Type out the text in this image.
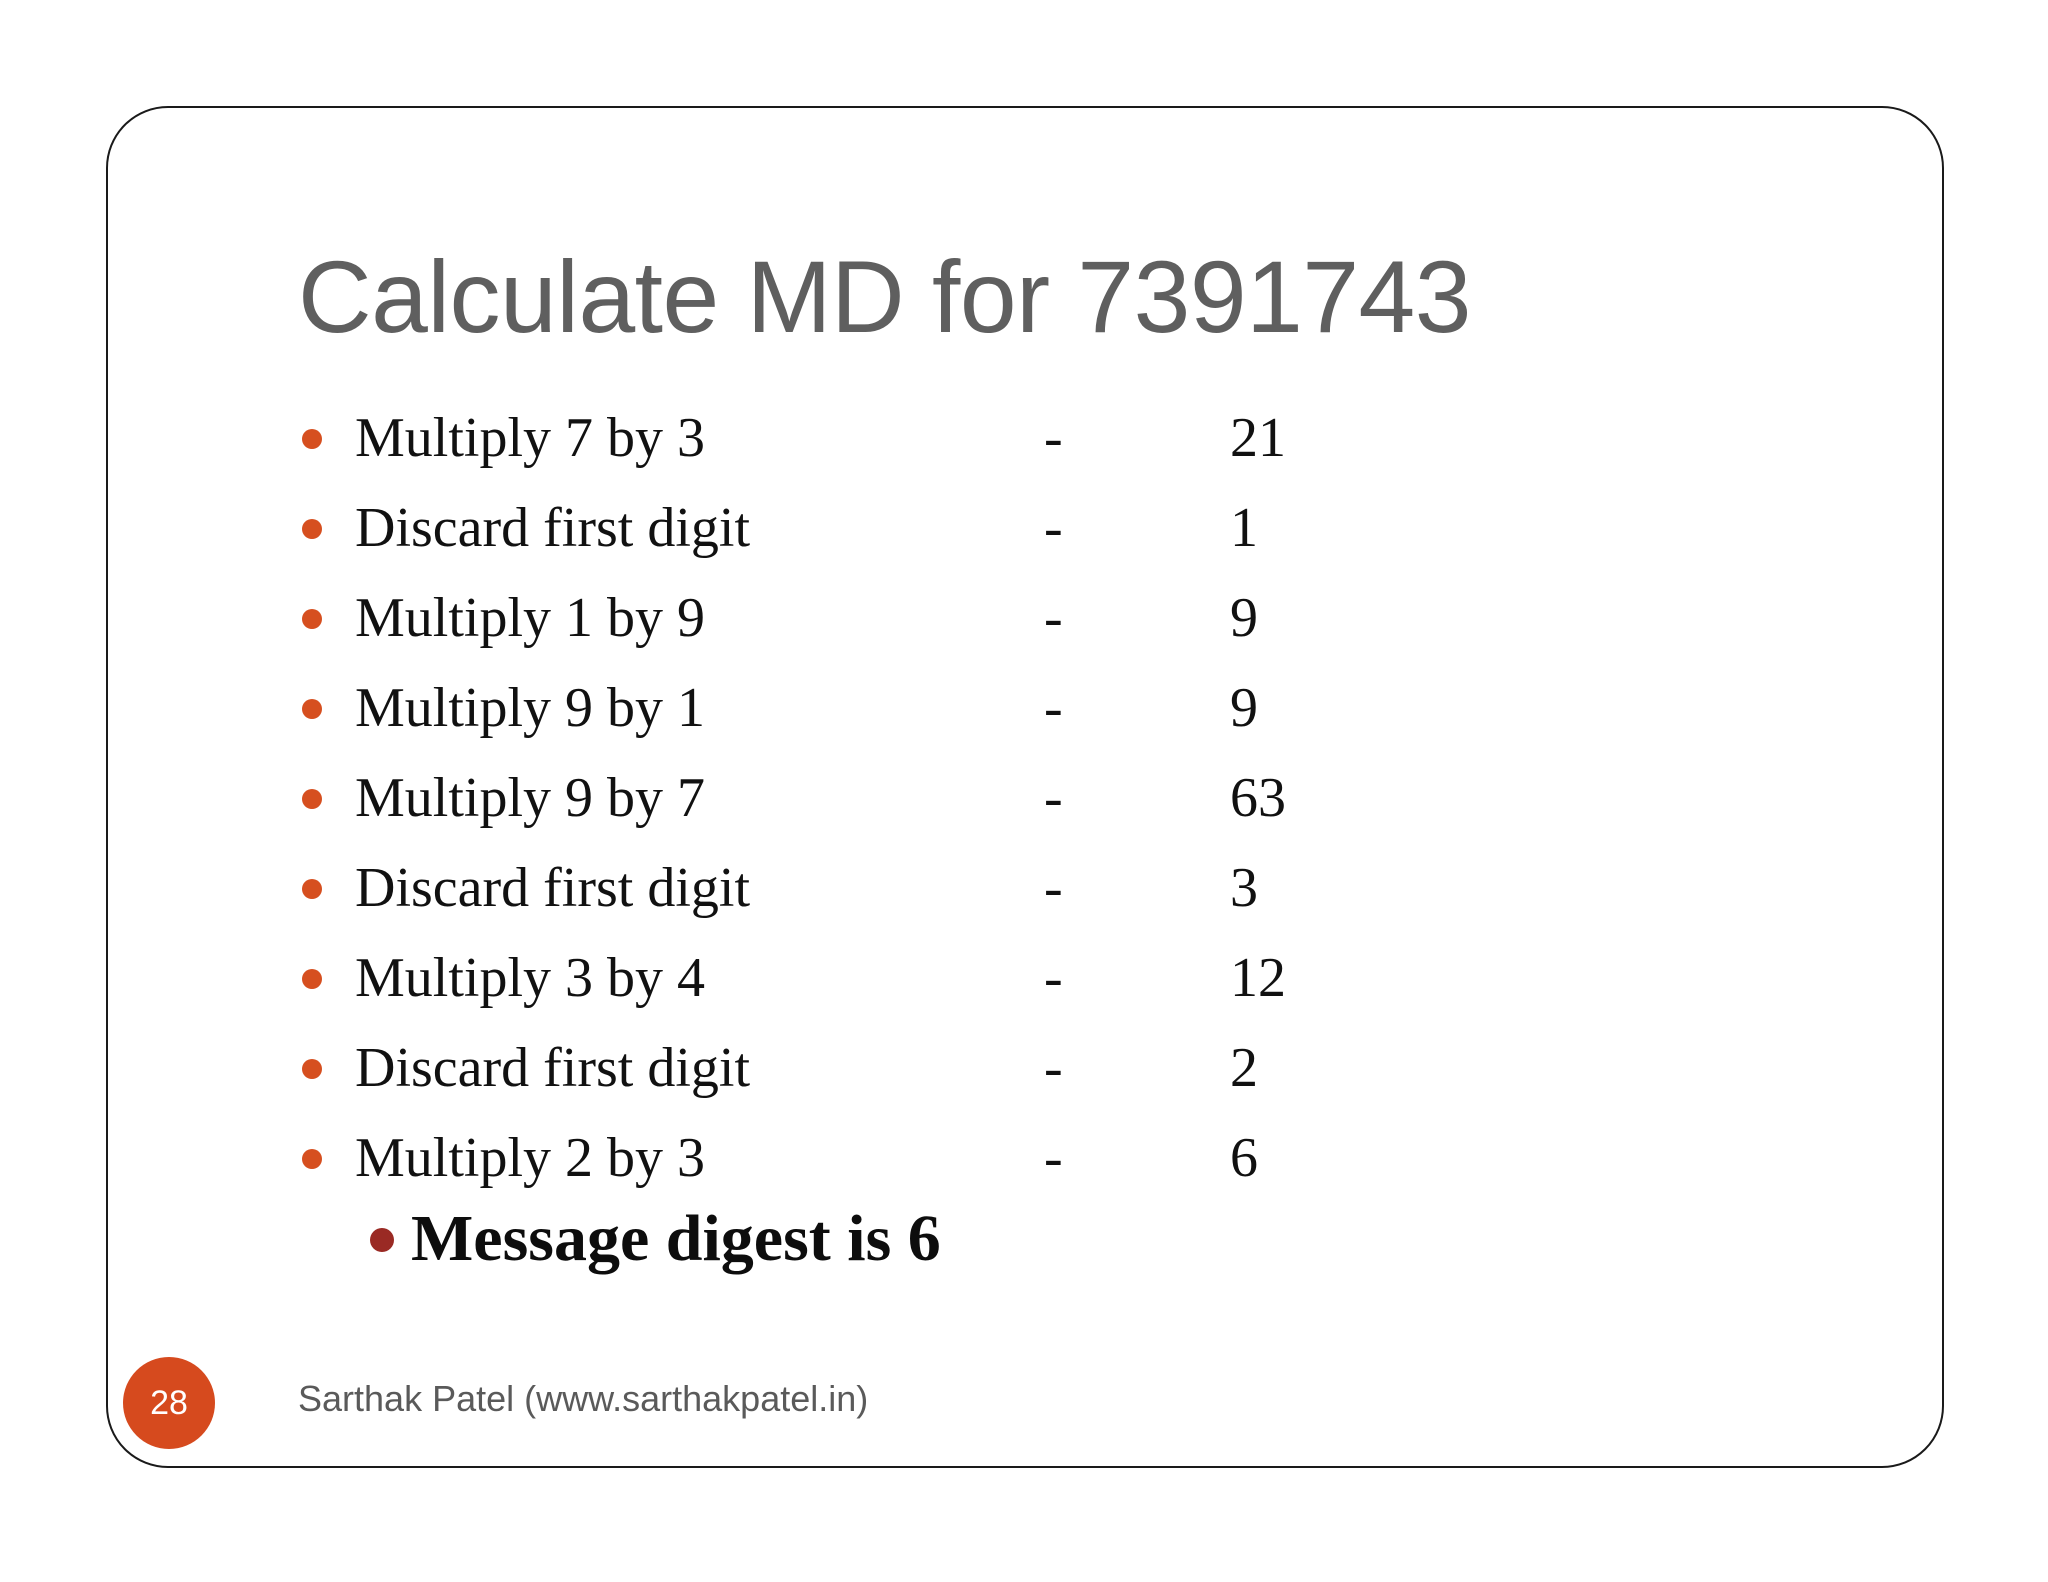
Calculate MD for 7391743
Multiply 7 by 3	-	21
Discard first digit	-	1
Multiply 1 by 9	-	9
Multiply 9 by 1	-	9
Multiply 9 by 7	-	63
Discard first digit	-	3
Multiply 3 by 4	-	12
Discard first digit	-	2
Multiply 2 by 3	-	6
Message digest is 6
28	Sarthak Patel (www.sarthakpatel.in)
